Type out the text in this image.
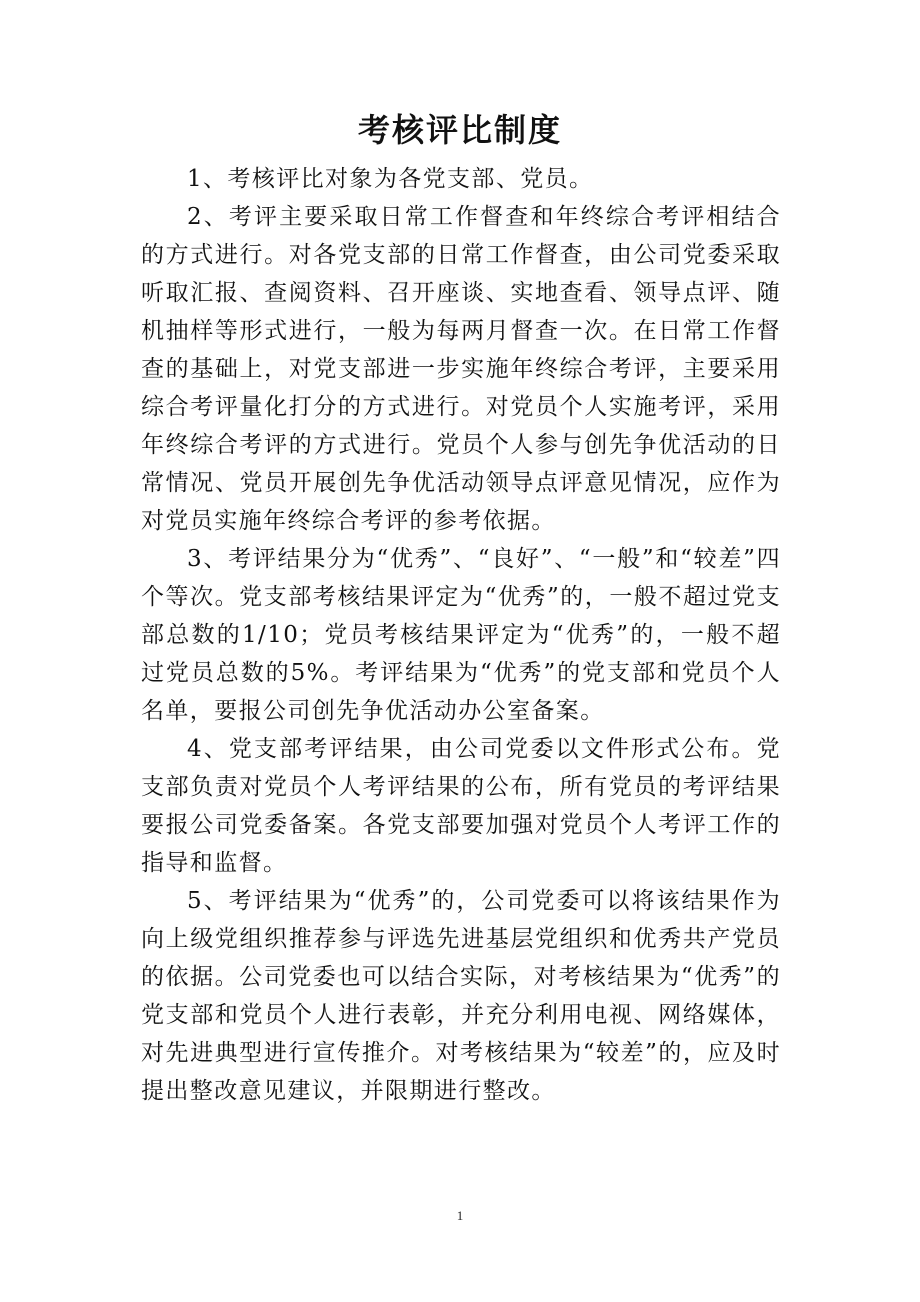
考核评比制度

1、考核评比对象为各党支部、党员。

2、考评主要采取日常工作督查和年终综合考评相结合的方式进行。对各党支部的日常工作督查，由公司党委采取听取汇报、查阅资料、召开座谈、实地查看、领导点评、随机抽样等形式进行，一般为每两月督查一次。在日常工作督查的基础上，对党支部进一步实施年终综合考评，主要采用综合考评量化打分的方式进行。对党员个人实施考评，采用年终综合考评的方式进行。党员个人参与创先争优活动的日常情况、党员开展创先争优活动领导点评意见情况，应作为对党员实施年终综合考评的参考依据。

3、考评结果分为“优秀”、“良好”、“一般”和“较差”四个等次。党支部考核结果评定为“优秀”的，一般不超过党支部总数的1/10；党员考核结果评定为“优秀”的，一般不超过党员总数的5%。考评结果为“优秀”的党支部和党员个人名单，要报公司创先争优活动办公室备案。

4、党支部考评结果，由公司党委以文件形式公布。党支部负责对党员个人考评结果的公布，所有党员的考评结果要报公司党委备案。各党支部要加强对党员个人考评工作的指导和监督。

5、考评结果为“优秀”的，公司党委可以将该结果作为向上级党组织推荐参与评选先进基层党组织和优秀共产党员的依据。公司党委也可以结合实际，对考核结果为“优秀”的党支部和党员个人进行表彰，并充分利用电视、网络媒体，对先进典型进行宣传推介。对考核结果为“较差”的，应及时提出整改意见建议，并限期进行整改。

1
